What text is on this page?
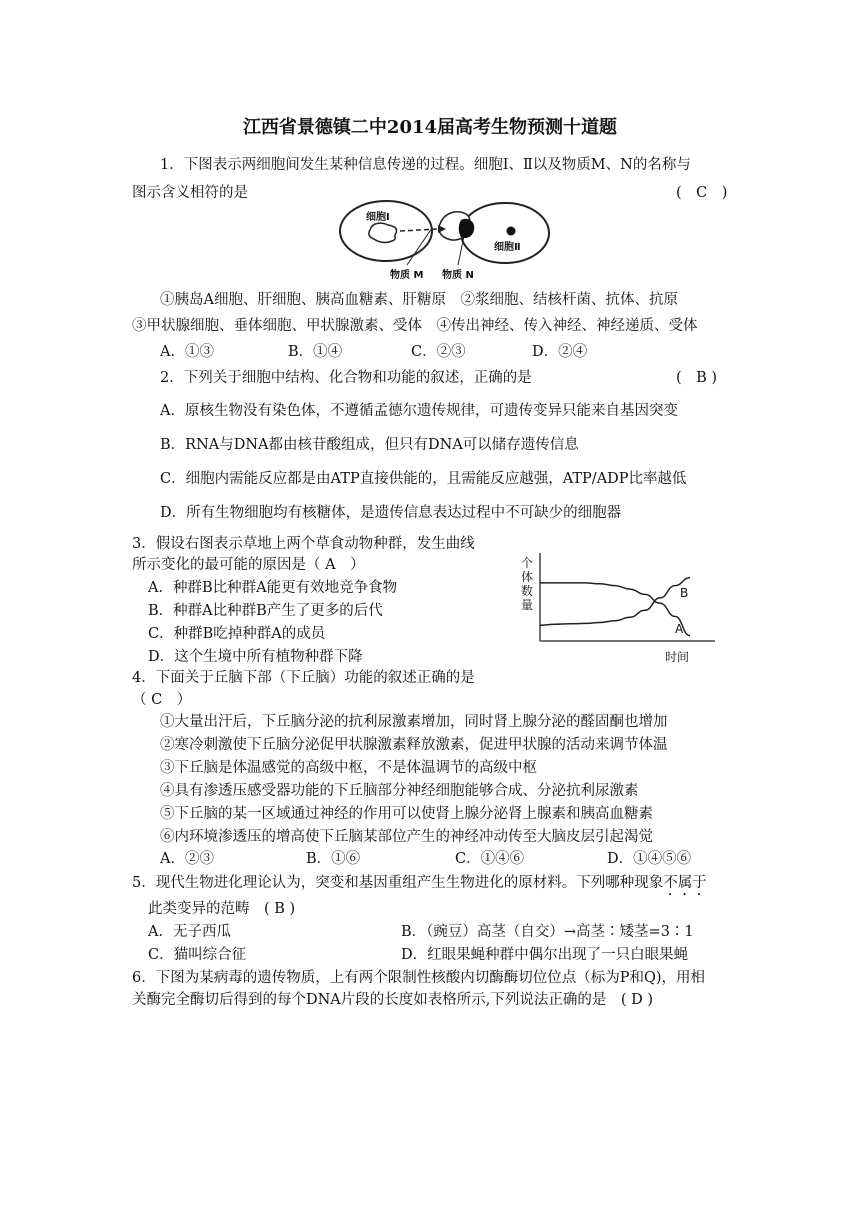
江西省景德镇二中2014届高考生物预测十道题
1．下图表示两细胞间发生某种信息传递的过程。细胞Ⅰ、Ⅱ以及物质M、N的名称与
图示含义相符的是	(　C　)
细胞Ⅰ
细胞Ⅱ
物质 M 物质 N
①胰岛A细胞、肝细胞、胰高血糖素、肝糖原　②浆细胞、结核杆菌、抗体、抗原
③甲状腺细胞、垂体细胞、甲状腺激素、受体　④传出神经、传入神经、神经递质、受体
A．①③	B．①④	C．②③	D．②④
2．下列关于细胞中结构、化合物和功能的叙述，正确的是	(　B )
A．原核生物没有染色体，不遵循孟德尔遗传规律，可遗传变异只能来自基因突变
B．RNA与DNA都由核苷酸组成，但只有DNA可以储存遗传信息
C．细胞内需能反应都是由ATP直接供能的，且需能反应越强，ATP/ADP比率越低
D．所有生物细胞均有核糖体，是遗传信息表达过程中不可缺少的细胞器
3．假设右图表示草地上两个草食动物种群，发生曲线
所示变化的最可能的原因是（ A　）
A．种群B比种群A能更有效地竞争食物
B．种群A比种群B产生了更多的后代
C．种群B吃掉种群A的成员
D．这个生境中所有植物种群下降
个
体
数
量
时间
B
A
4．下面关于丘脑下部（下丘脑）功能的叙述正确的是
（ C　）
①大量出汗后，下丘脑分泌的抗利尿激素增加，同时肾上腺分泌的醛固酮也增加
②寒冷刺激使下丘脑分泌促甲状腺激素释放激素，促进甲状腺的活动来调节体温
③下丘脑是体温感觉的高级中枢，不是体温调节的高级中枢
④具有渗透压感受器功能的下丘脑部分神经细胞能够合成、分泌抗利尿激素
⑤下丘脑的某一区域通过神经的作用可以使肾上腺分泌肾上腺素和胰高血糖素
⑥内环境渗透压的增高使下丘脑某部位产生的神经冲动传至大脑皮层引起渴觉
A．②③	B．①⑥	C．①④⑥	D．①④⑤⑥
5．现代生物进化理论认为，突变和基因重组产生生物进化的原材料。下列哪种现象不属于
此类变异的范畴　( B )
A．无子西瓜	B．（豌豆）高茎（自交）→高茎∶矮茎=3∶1
C．猫叫综合征	D．红眼果蝇种群中偶尔出现了一只白眼果蝇
6．下图为某病毒的遗传物质，上有两个限制性核酸内切酶酶切位位点（标为P和Q)，用相
关酶完全酶切后得到的每个DNA片段的长度如表格所示,下列说法正确的是　( D )
